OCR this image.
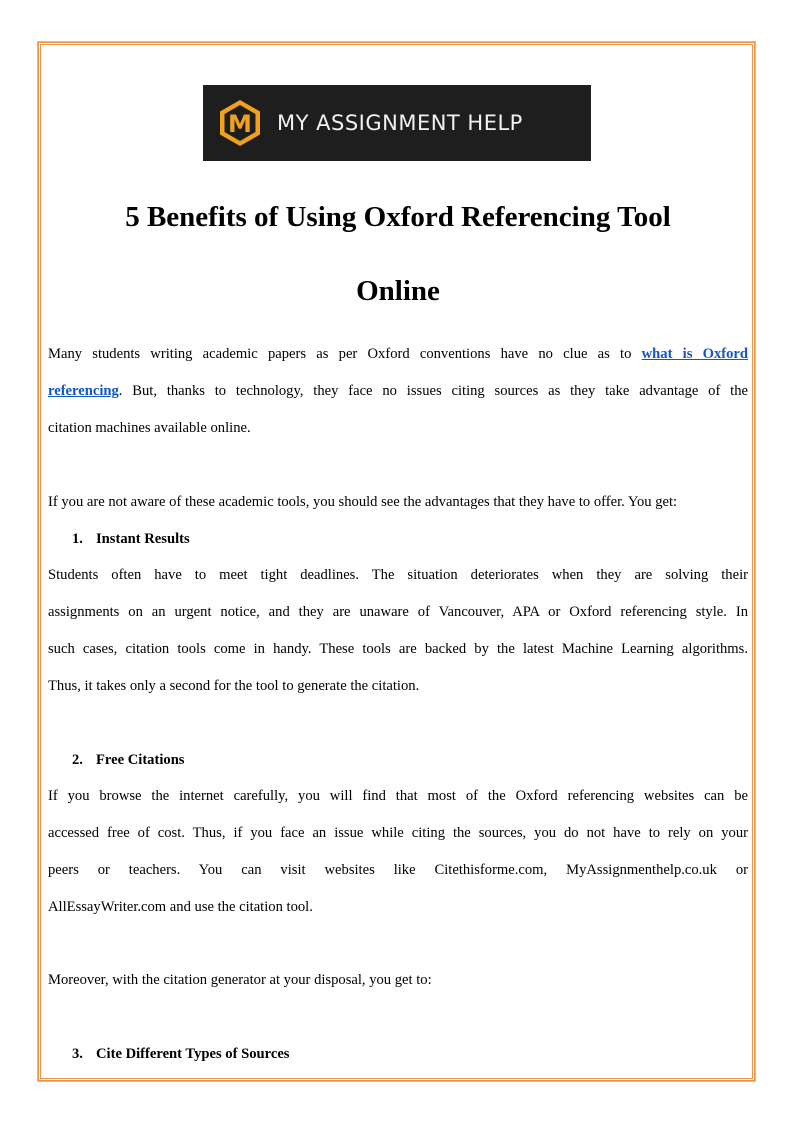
M MY ASSIGNMENT HELP
5 Benefits of Using Oxford Referencing Tool
Online
Many students writing academic papers as per Oxford conventions have no clue as to what is Oxford
referencing. But, thanks to technology, they face no issues citing sources as they take advantage of the
citation machines available online.
If you are not aware of these academic tools, you should see the advantages that they have to offer. You get:
1. Instant Results
Students often have to meet tight deadlines. The situation deteriorates when they are solving their
assignments on an urgent notice, and they are unaware of Vancouver, APA or Oxford referencing style. In
such cases, citation tools come in handy. These tools are backed by the latest Machine Learning algorithms.
Thus, it takes only a second for the tool to generate the citation.
2. Free Citations
If you browse the internet carefully, you will find that most of the Oxford referencing websites can be
accessed free of cost. Thus, if you face an issue while citing the sources, you do not have to rely on your
peers or teachers. You can visit websites like Citethisforme.com, MyAssignmenthelp.co.uk or
AllEssayWriter.com and use the citation tool.
Moreover, with the citation generator at your disposal, you get to:
3. Cite Different Types of Sources
